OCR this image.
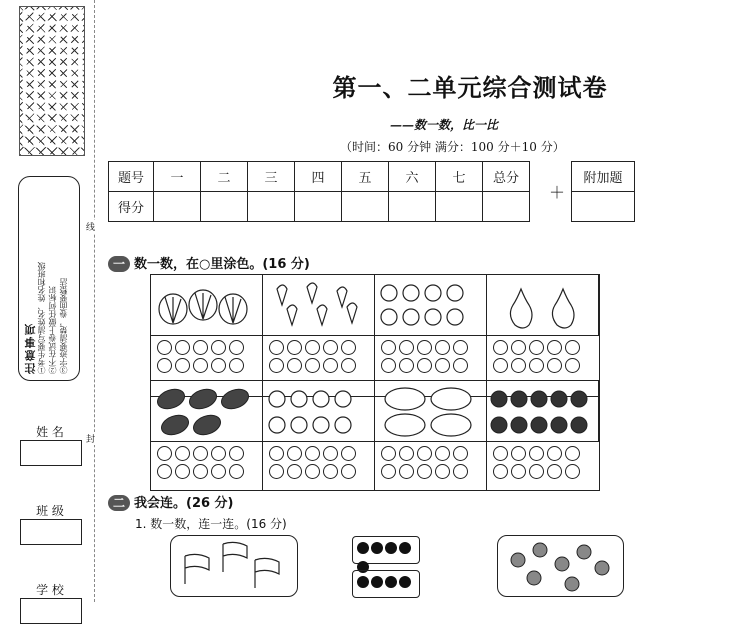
线
封
注意事项 ①考生要写清姓名、姓名和班级 ②不在试卷上做任何标识 ③字迹要清楚，卷面要整洁
姓 名
班 级
学 校
第一、二单元综合测试卷
——数一数，比一比
（时间：60 分钟 满分：100 分＋10 分）
题号	一	二	三	四	五	六	七	总分
得分								
＋
附加题

一 数一数，在○里涂色。(16 分)
二 我会连。(26 分)
1. 数一数，连一连。(16 分)
